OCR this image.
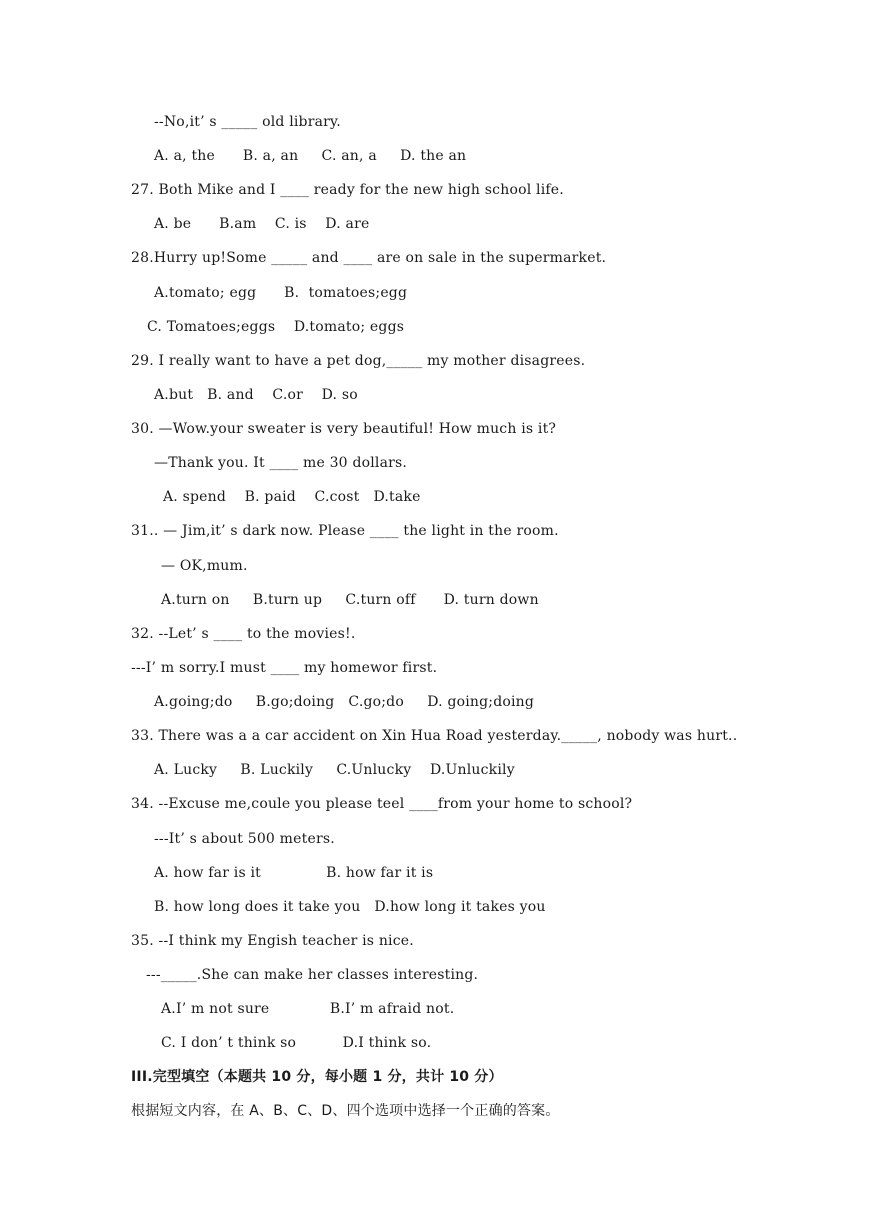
--No,it’ s _____ old library.
A. a, the      B. a, an     C. an, a     D. the an
27. Both Mike and I ____ ready for the new high school life.
A. be      B.am    C. is    D. are
28.Hurry up!Some _____ and ____ are on sale in the supermarket.
A.tomato; egg      B.  tomatoes;egg
C. Tomatoes;eggs    D.tomato; eggs
29. I really want to have a pet dog,_____ my mother disagrees.
A.but   B. and    C.or    D. so
30. —Wow.your sweater is very beautiful! How much is it?
—Thank you. It ____ me 30 dollars.
A. spend    B. paid    C.cost   D.take
31.. — Jim,it’ s dark now. Please ____ the light in the room.
— OK,mum.
A.turn on     B.turn up     C.turn off      D. turn down
32. --Let’ s ____ to the movies!.
---I’ m sorry.I must ____ my homewor first.
A.going;do     B.go;doing   C.go;do     D. going;doing
33. There was a a car accident on Xin Hua Road yesterday._____, nobody was hurt..
A. Lucky     B. Luckily     C.Unlucky    D.Unluckily
34. --Excuse me,coule you please teel ____from your home to school?
---It’ s about 500 meters.
A. how far is it              B. how far it is
B. how long does it take you   D.how long it takes you
35. --I think my Engish teacher is nice.
---_____.She can make her classes interesting.
A.I’ m not sure             B.I’ m afraid not.
C. I don’ t think so          D.I think so.
III.完型填空（本题共 10 分，每小题 1 分，共计 10 分）
根据短文内容，在 A、B、C、D、四个选项中选择一个正确的答案。
